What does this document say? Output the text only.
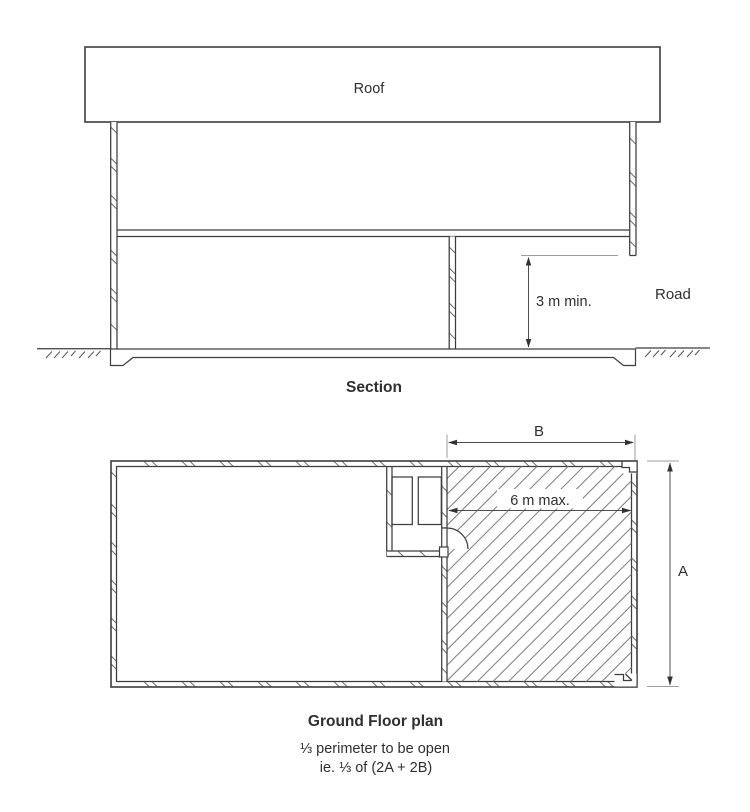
Roof
3 m min.	Road
Section
B
A
6 m max.
Ground Floor plan
⅓ perimeter to be open
ie. ⅓ of (2A + 2B)
